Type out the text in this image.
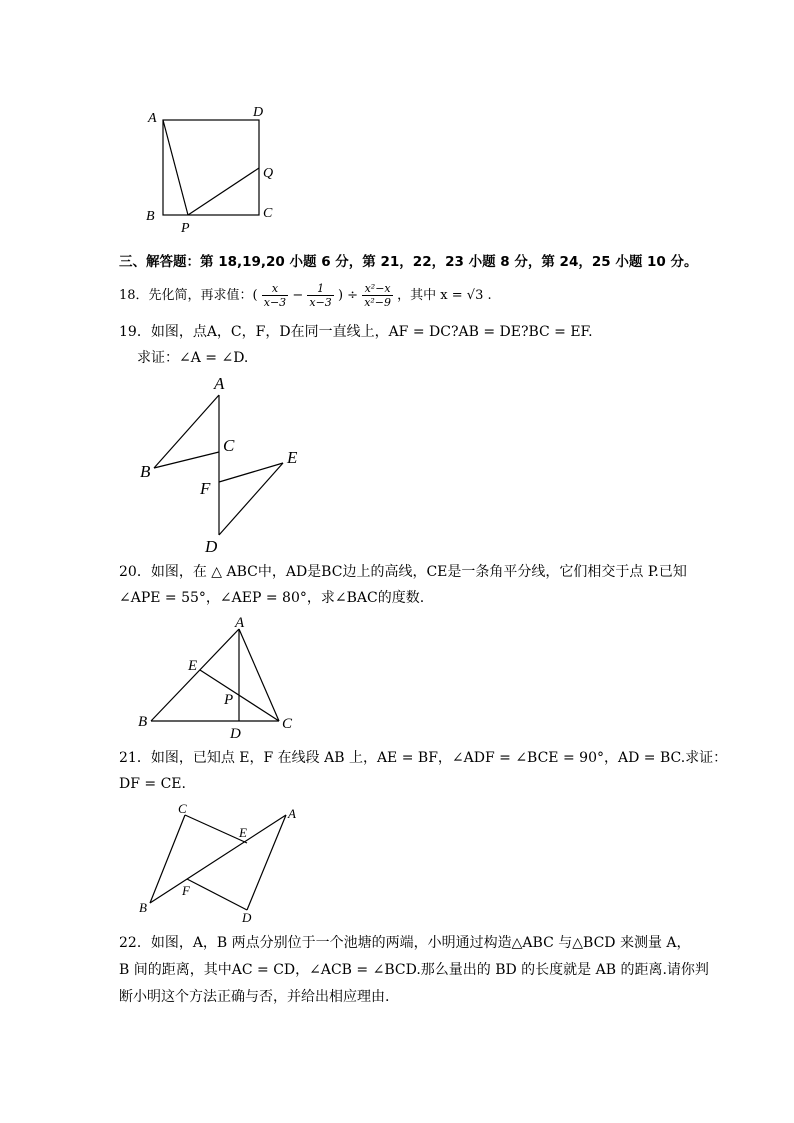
A	D
Q
B	C
P
三、解答题：第 18,19,20 小题 6 分，第 21，22，23 小题 8 分，第 24，25 小题 10 分。
18．先化简，再求值：( $\frac{x}{x-3} - \frac{1}{x-3}$ ) ÷ $\frac{\text{x²−x}}{\text{x²−9}}$ ，其中 x = √3 .
19．如图，点A，C，F，D在同一直线上，AF = DC?AB = DE?BC = EF.
求证：∠A = ∠D.
A
C
B
E
F
D
20．如图，在 △ ABC中，AD是BC边上的高线，CE是一条角平分线，它们相交于点 P.已知
∠APE = 55°，∠AEP = 80°，求∠BAC的度数.
A
E
P
B	C
D
21．如图，已知点 E，F 在线段 AB 上，AE = BF，∠ADF = ∠BCE = 90°，AD = BC.求证：
DF = CE.
C
E
A
F
B
D
22．如图，A，B 两点分别位于一个池塘的两端，小明通过构造△ABC 与△BCD 来测量 A，
B 间的距离，其中AC = CD，∠ACB = ∠BCD.那么量出的 BD 的长度就是 AB 的距离.请你判
断小明这个方法正确与否，并给出相应理由.
